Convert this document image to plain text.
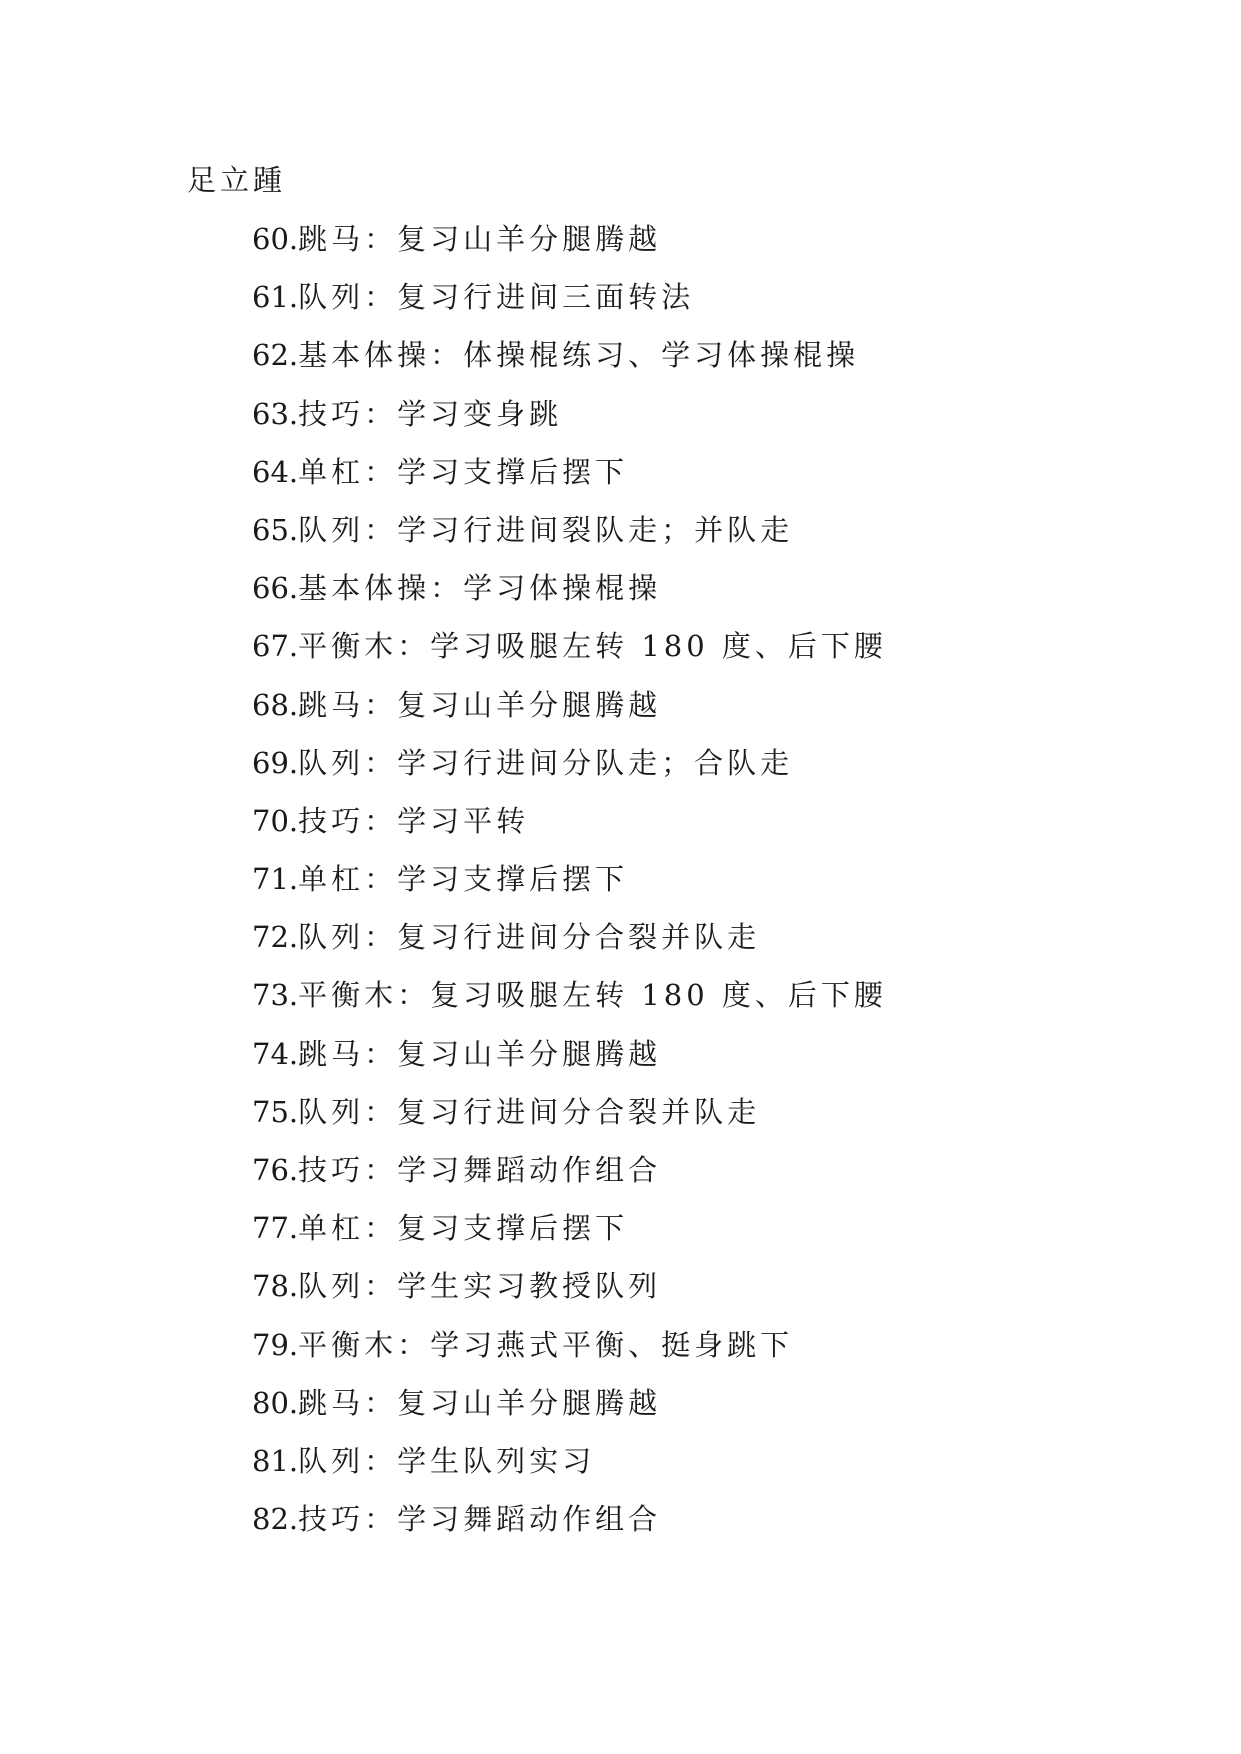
足立踵
60.跳马：复习山羊分腿腾越
61.队列：复习行进间三面转法
62.基本体操：体操棍练习、学习体操棍操
63.技巧：学习变身跳
64.单杠：学习支撑后摆下
65.队列：学习行进间裂队走；并队走
66.基本体操：学习体操棍操
67.平衡木：学习吸腿左转 180 度、后下腰
68.跳马：复习山羊分腿腾越
69.队列：学习行进间分队走；合队走
70.技巧：学习平转
71.单杠：学习支撑后摆下
72.队列：复习行进间分合裂并队走
73.平衡木：复习吸腿左转 180 度、后下腰
74.跳马：复习山羊分腿腾越
75.队列：复习行进间分合裂并队走
76.技巧：学习舞蹈动作组合
77.单杠：复习支撑后摆下
78.队列：学生实习教授队列
79.平衡木：学习燕式平衡、挺身跳下
80.跳马：复习山羊分腿腾越
81.队列：学生队列实习
82.技巧：学习舞蹈动作组合
